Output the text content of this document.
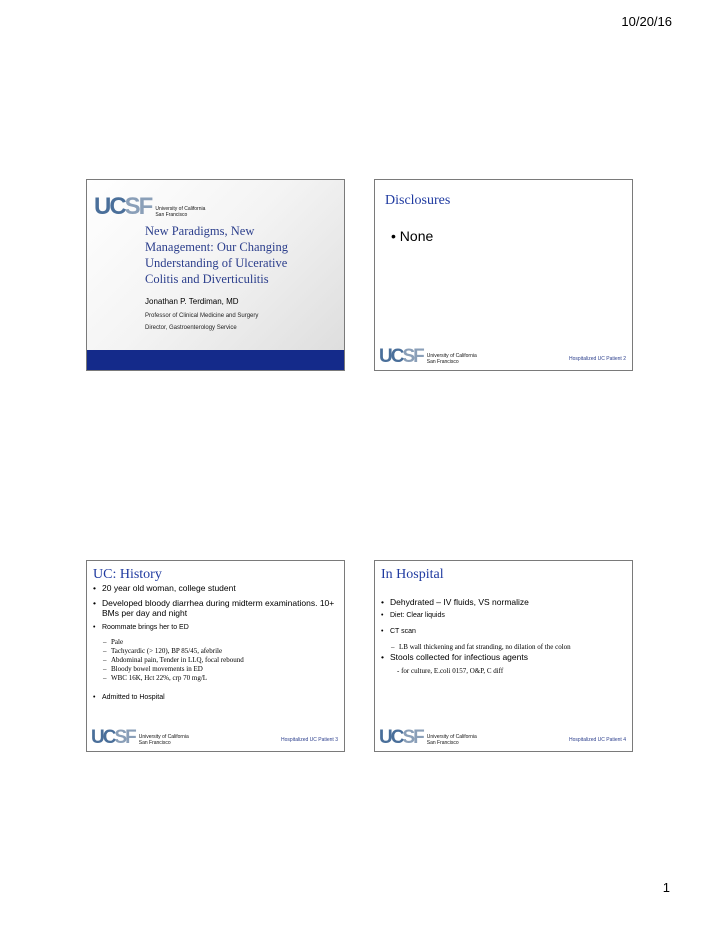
10/20/16
UCSF University of California
San Francisco
New Paradigms, New Management: Our Changing Understanding of Ulcerative Colitis and Diverticulitis
Jonathan P. Terdiman, MD
Professor of Clinical Medicine and Surgery
Director, Gastroenterology Service
Disclosures
• None
UCSF University of California
San Francisco	Hospitalized UC Patient 2
UC: History
• 20 year old woman, college student
• Developed bloody diarrhea during midterm examinations. 10+ BMs per day and night
• Roommate brings her to ED
– Pale
– Tachycardic (> 120), BP 85/45, afebrile
– Abdominal pain, Tender in LLQ, focal rebound
– Bloody bowel movements in ED
– WBC 16K, Hct 22%, crp 70 mg/L
• Admitted to Hospital
UCSF University of California
San Francisco	Hospitalized UC Patient 3
In Hospital
• Dehydrated – IV fluids, VS normalize
• Diet: Clear liquids
• CT scan
– LB wall thickening and fat stranding, no dilation of the colon
• Stools collected for infectious agents
- for culture, E.coli 0157, O&P, C diff
UCSF University of California
San Francisco	Hospitalized UC Patient 4
1
